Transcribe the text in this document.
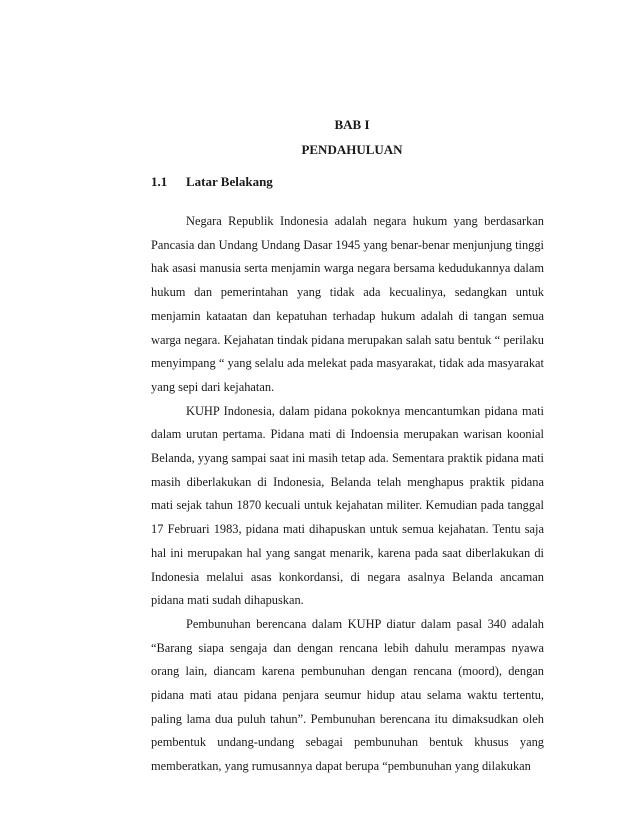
BAB I
PENDAHULUAN
1.1 Latar Belakang

Negara Republik Indonesia adalah negara hukum yang berdasarkan Pancasia dan Undang Undang Dasar 1945 yang benar-benar menjunjung tinggi hak asasi manusia serta menjamin warga negara bersama kedudukannya dalam hukum dan pemerintahan yang tidak ada kecualinya, sedangkan untuk menjamin kataatan dan kepatuhan terhadap hukum adalah di tangan semua warga negara. Kejahatan tindak pidana merupakan salah satu bentuk “ perilaku menyimpang “ yang selalu ada melekat pada masyarakat, tidak ada masyarakat yang sepi dari kejahatan.

KUHP Indonesia, dalam pidana pokoknya mencantumkan pidana mati dalam urutan pertama. Pidana mati di Indoensia merupakan warisan koonial Belanda, yyang sampai saat ini masih tetap ada. Sementara praktik pidana mati masih diberlakukan di Indonesia, Belanda telah menghapus praktik pidana mati sejak tahun 1870 kecuali untuk kejahatan militer. Kemudian pada tanggal 17 Februari 1983, pidana mati dihapuskan untuk semua kejahatan. Tentu saja hal ini merupakan hal yang sangat menarik, karena pada saat diberlakukan di Indonesia melalui asas konkordansi, di negara asalnya Belanda ancaman pidana mati sudah dihapuskan.

Pembunuhan berencana dalam KUHP diatur dalam pasal 340 adalah “Barang siapa sengaja dan dengan rencana lebih dahulu merampas nyawa orang lain, diancam karena pembunuhan dengan rencana (moord), dengan pidana mati atau pidana penjara seumur hidup atau selama waktu tertentu, paling lama dua puluh tahun”. Pembunuhan berencana itu dimaksudkan oleh pembentuk undang-undang sebagai pembunuhan bentuk khusus yang memberatkan, yang rumusannya dapat berupa “pembunuhan yang dilakukan
